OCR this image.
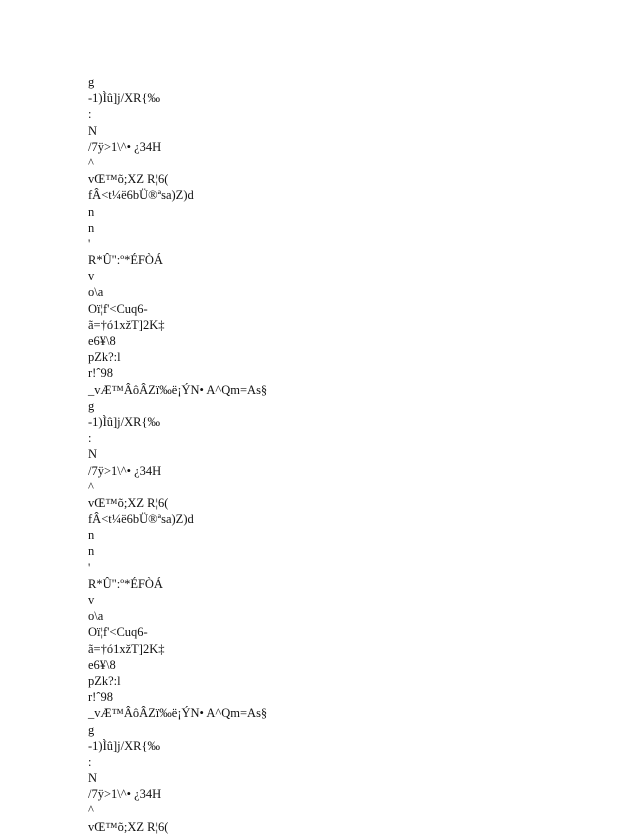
g
-1)Ìû]j/XR{‰
:
N
/7ÿ>1\^• ¿34H
^
vŒ™õ;XZ R¦6(
fÂ<t¼ë6bÜ®ªsa)Z)d
n
n
'
R*Û":º*ÉFÒÁ
v
o\a
Oï¦f'<Cuq6-
ã=†ó1xžT]2K‡
e6¥\8
pZk?:l
r!ˆ98
_vÆ™ÂôÂZï‰ë¡ÝN• A^Qm=As§
g
-1)Ìû]j/XR{‰
:
N
/7ÿ>1\^• ¿34H
^
vŒ™õ;XZ R¦6(
fÂ<t¼ë6bÜ®ªsa)Z)d
n
n
'
R*Û":º*ÉFÒÁ
v
o\a
Oï¦f'<Cuq6-
ã=†ó1xžT]2K‡
e6¥\8
pZk?:l
r!ˆ98
_vÆ™ÂôÂZï‰ë¡ÝN• A^Qm=As§
g
-1)Ìû]j/XR{‰
:
N
/7ÿ>1\^• ¿34H
^
vŒ™õ;XZ R¦6(
